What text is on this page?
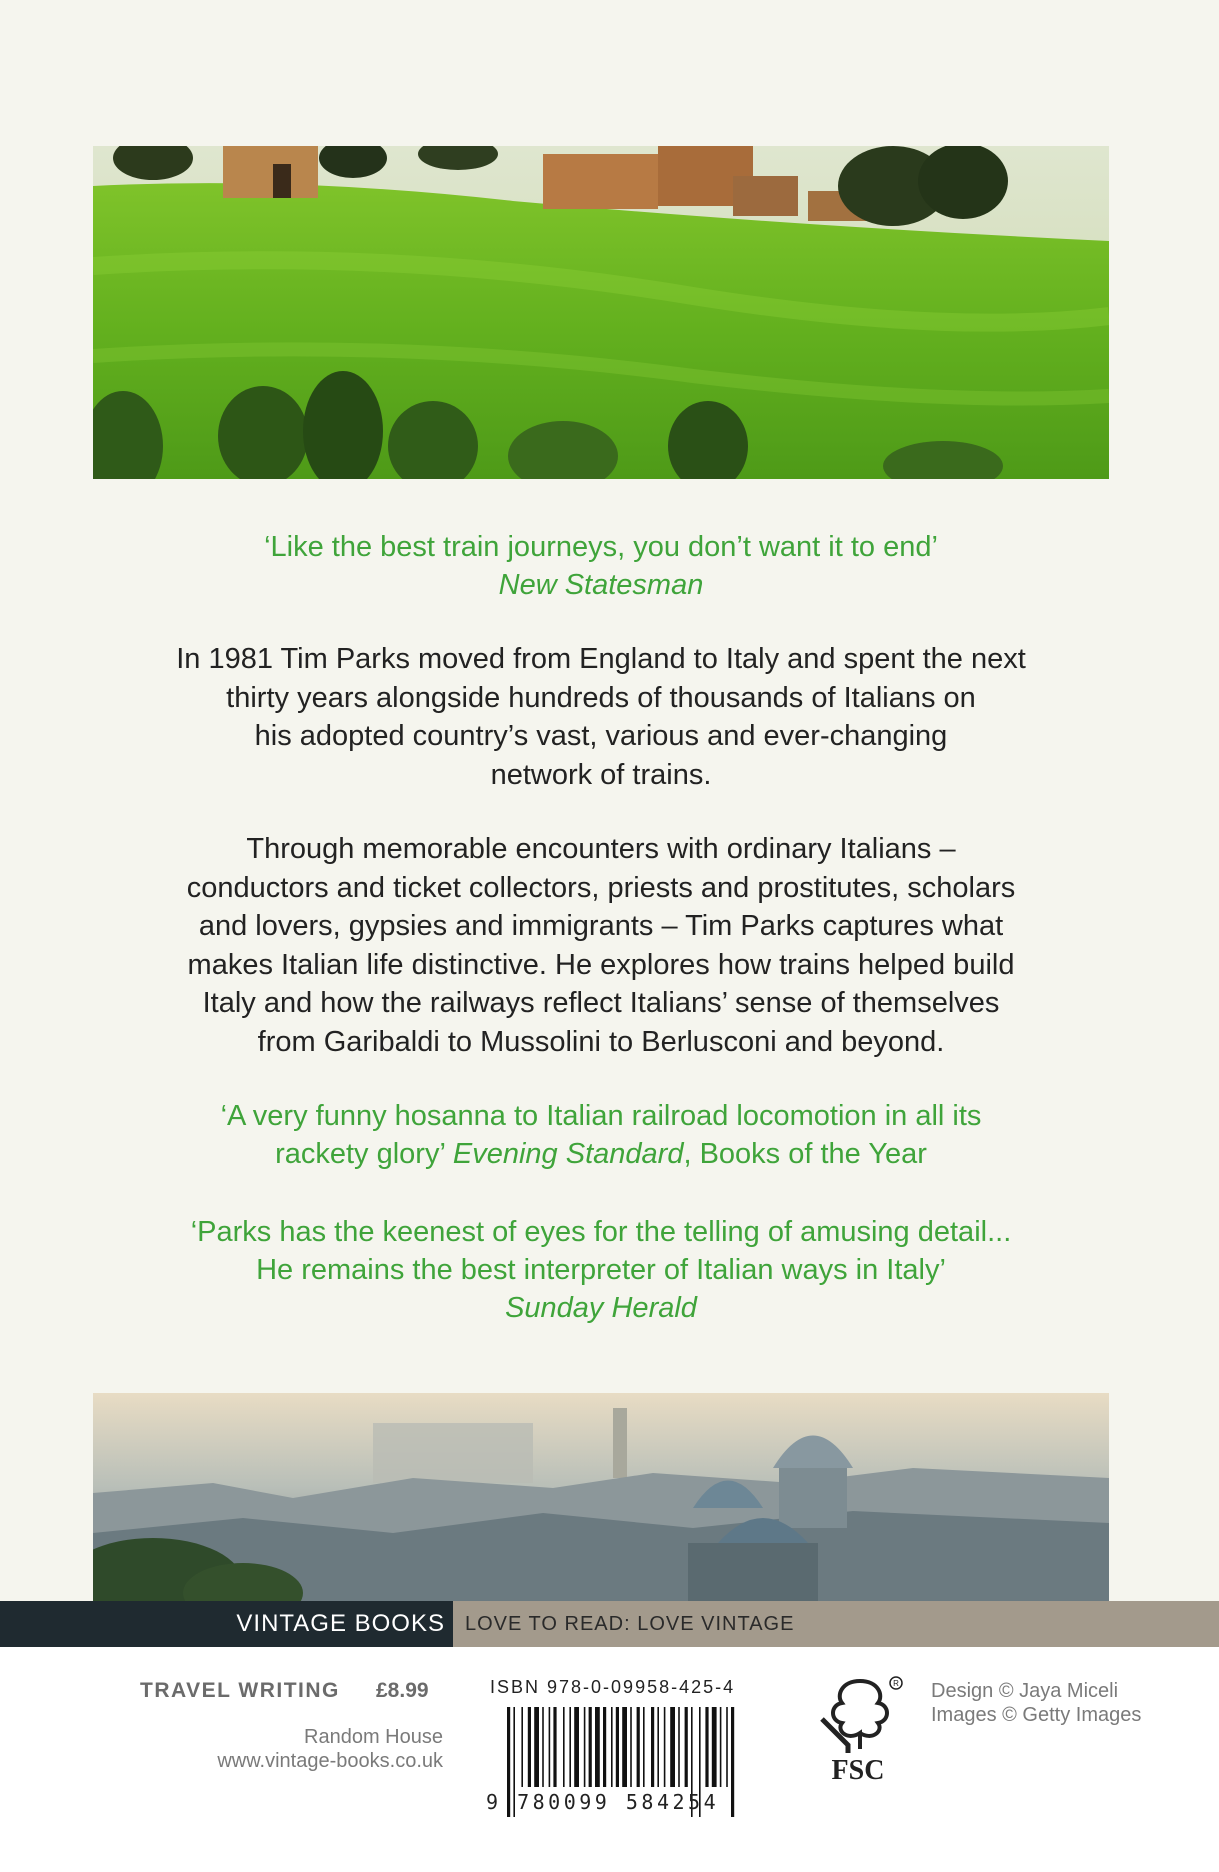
‘Like the best train journeys, you don’t want it to end’
New Statesman
In 1981 Tim Parks moved from England to Italy and spent the next
thirty years alongside hundreds of thousands of Italians on
his adopted country’s vast, various and ever-changing
network of trains.
Through memorable encounters with ordinary Italians –
conductors and ticket collectors, priests and prostitutes, scholars
and lovers, gypsies and immigrants – Tim Parks captures what
makes Italian life distinctive. He explores how trains helped build
Italy and how the railways reflect Italians’ sense of themselves
from Garibaldi to Mussolini to Berlusconi and beyond.
‘A very funny hosanna to Italian railroad locomotion in all its
rackety glory’ Evening Standard, Books of the Year
‘Parks has the keenest of eyes for the telling of amusing detail...
He remains the best interpreter of Italian ways in Italy’
Sunday Herald
VINTAGE BOOKS	LOVE TO READ: LOVE VINTAGE
TRAVEL WRITING £8.99
Random House
www.vintage-books.co.uk
ISBN 978-0-09958-425-4
9 780099 584254
R
FSC
Design © Jaya Miceli
Images © Getty Images
